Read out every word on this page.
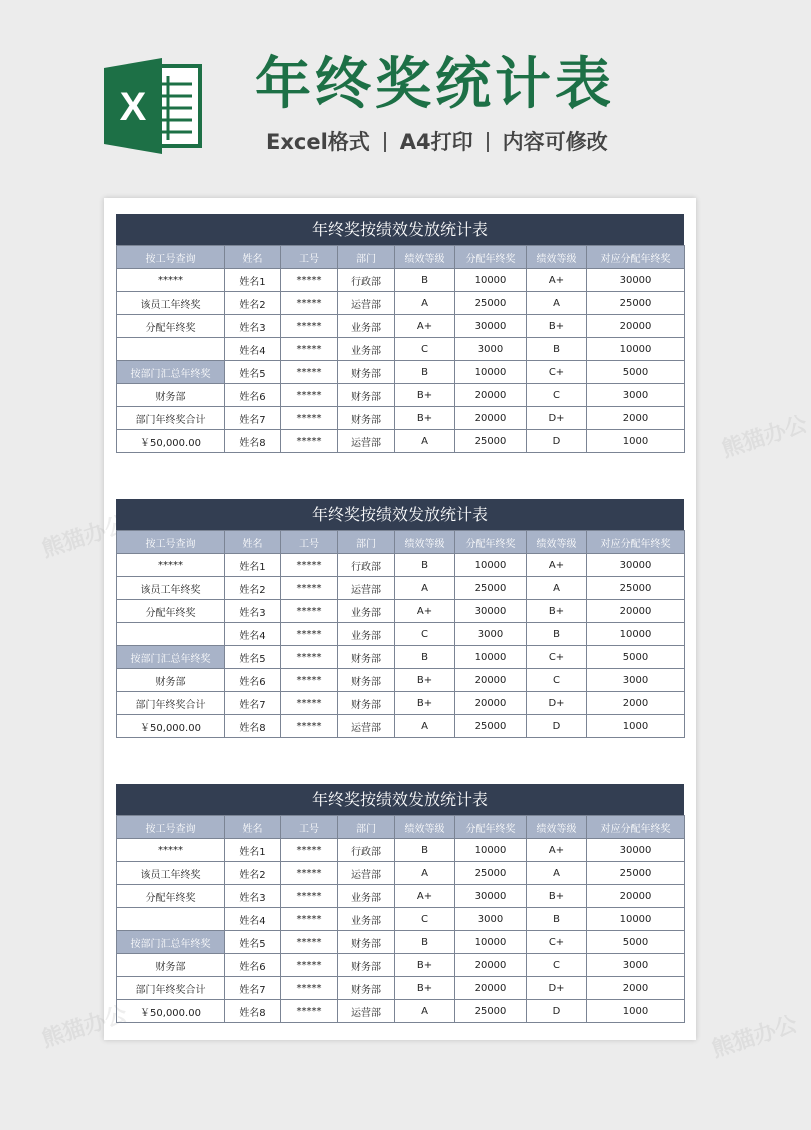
X 年终奖统计表
Excel格式 A4打印 内容可修改
熊猫办公
熊猫办公
熊猫办公	熊猫办公
年终奖按绩效发放统计表
按工号查询	姓名	工号	部门	绩效等级	分配年终奖	绩效等级	对应分配年终奖
*****	姓名1	*****	行政部	B	10000	A+	30000
该员工年终奖	姓名2	*****	运营部	A	25000	A	25000
分配年终奖	姓名3	*****	业务部	A+	30000	B+	20000
	姓名4	*****	业务部	C	3000	B	10000
按部门汇总年终奖	姓名5	*****	财务部	B	10000	C+	5000
财务部	姓名6	*****	财务部	B+	20000	C	3000
部门年终奖合计	姓名7	*****	财务部	B+	20000	D+	2000
￥50,000.00	姓名8	*****	运营部	A	25000	D	1000
年终奖按绩效发放统计表
按工号查询	姓名	工号	部门	绩效等级	分配年终奖	绩效等级	对应分配年终奖
*****	姓名1	*****	行政部	B	10000	A+	30000
该员工年终奖	姓名2	*****	运营部	A	25000	A	25000
分配年终奖	姓名3	*****	业务部	A+	30000	B+	20000
	姓名4	*****	业务部	C	3000	B	10000
按部门汇总年终奖	姓名5	*****	财务部	B	10000	C+	5000
财务部	姓名6	*****	财务部	B+	20000	C	3000
部门年终奖合计	姓名7	*****	财务部	B+	20000	D+	2000
￥50,000.00	姓名8	*****	运营部	A	25000	D	1000
年终奖按绩效发放统计表
按工号查询	姓名	工号	部门	绩效等级	分配年终奖	绩效等级	对应分配年终奖
*****	姓名1	*****	行政部	B	10000	A+	30000
该员工年终奖	姓名2	*****	运营部	A	25000	A	25000
分配年终奖	姓名3	*****	业务部	A+	30000	B+	20000
	姓名4	*****	业务部	C	3000	B	10000
按部门汇总年终奖	姓名5	*****	财务部	B	10000	C+	5000
财务部	姓名6	*****	财务部	B+	20000	C	3000
部门年终奖合计	姓名7	*****	财务部	B+	20000	D+	2000
￥50,000.00	姓名8	*****	运营部	A	25000	D	1000
